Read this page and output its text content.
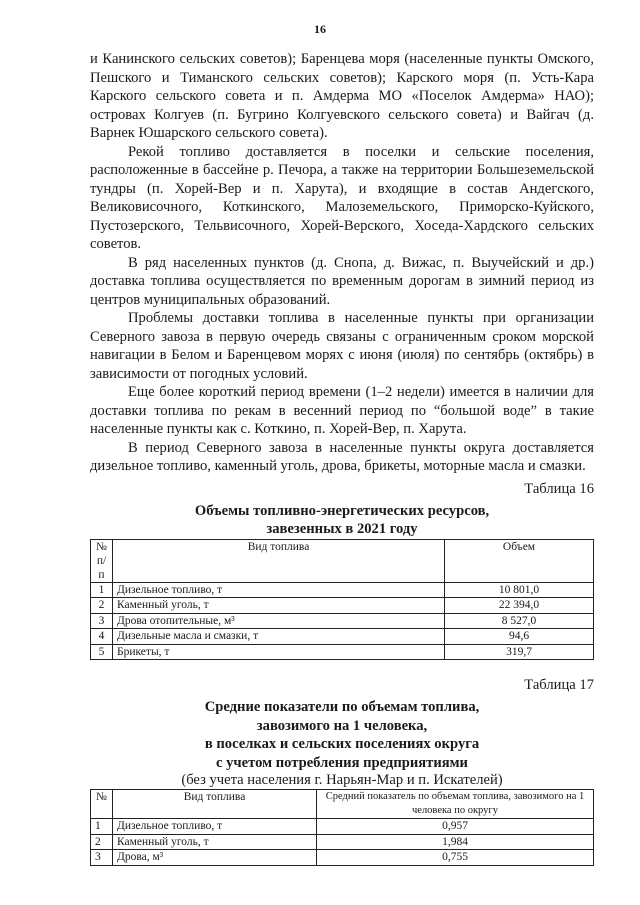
16

и Канинского сельских советов); Баренцева моря (населенные пункты Омского, Пешского и Тиманского сельских советов); Карского моря (п. Усть-Кара Карского сельского совета и п. Амдерма МО «Поселок Амдерма» НАО); островах Колгуев (п. Бугрино Колгуевского сельского совета) и Вайгач (д. Варнек Юшарского сельского совета).

Рекой топливо доставляется в поселки и сельские поселения, расположенные в бассейне р. Печора, а также на территории Большеземельской тундры (п. Хорей-Вер и п. Харута), и входящие в состав Андегского, Великовисочного, Коткинского, Малоземельского, Приморско-Куйского, Пустозерского, Тельвисочного, Хорей-Верского, Хоседа-Хардского сельских советов.

В ряд населенных пунктов (д. Снопа, д. Вижас, п. Выучейский и др.) доставка топлива осуществляется по временным дорогам в зимний период из центров муниципальных образований.

Проблемы доставки топлива в населенные пункты при организации Северного завоза в первую очередь связаны с ограниченным сроком морской навигации в Белом и Баренцевом морях с июня (июля) по сентябрь (октябрь) в зависимости от погодных условий.

Еще более короткий период времени (1–2 недели) имеется в наличии для доставки топлива по рекам в весенний период по “большой воде” в такие населенные пункты как с. Коткино, п. Хорей-Вер, п. Харута.

В период Северного завоза в населенные пункты округа доставляется дизельное топливо, каменный уголь, дрова, брикеты, моторные масла и смазки.

Таблица 16

Объемы топливно-энергетических ресурсов,

завезенных в 2021 году

№ п/п	Вид топлива	Объем
1	Дизельное топливо, т	10 801,0
2	Каменный уголь, т	22 394,0
3	Дрова отопительные, м³	8 527,0
4	Дизельные масла и смазки, т	94,6
5	Брикеты, т	319,7

Таблица 17

Средние показатели по объемам топлива,

завозимого на 1 человека,

в поселках и сельских поселениях округа

с учетом потребления предприятиями

(без учета населения г. Нарьян-Мар и п. Искателей)

№	Вид топлива	Средний показатель по объемам топлива, завозимого на 1 человека по округу
1	Дизельное топливо, т	0,957
2	Каменный уголь, т	1,984
3	Дрова, м³	0,755
